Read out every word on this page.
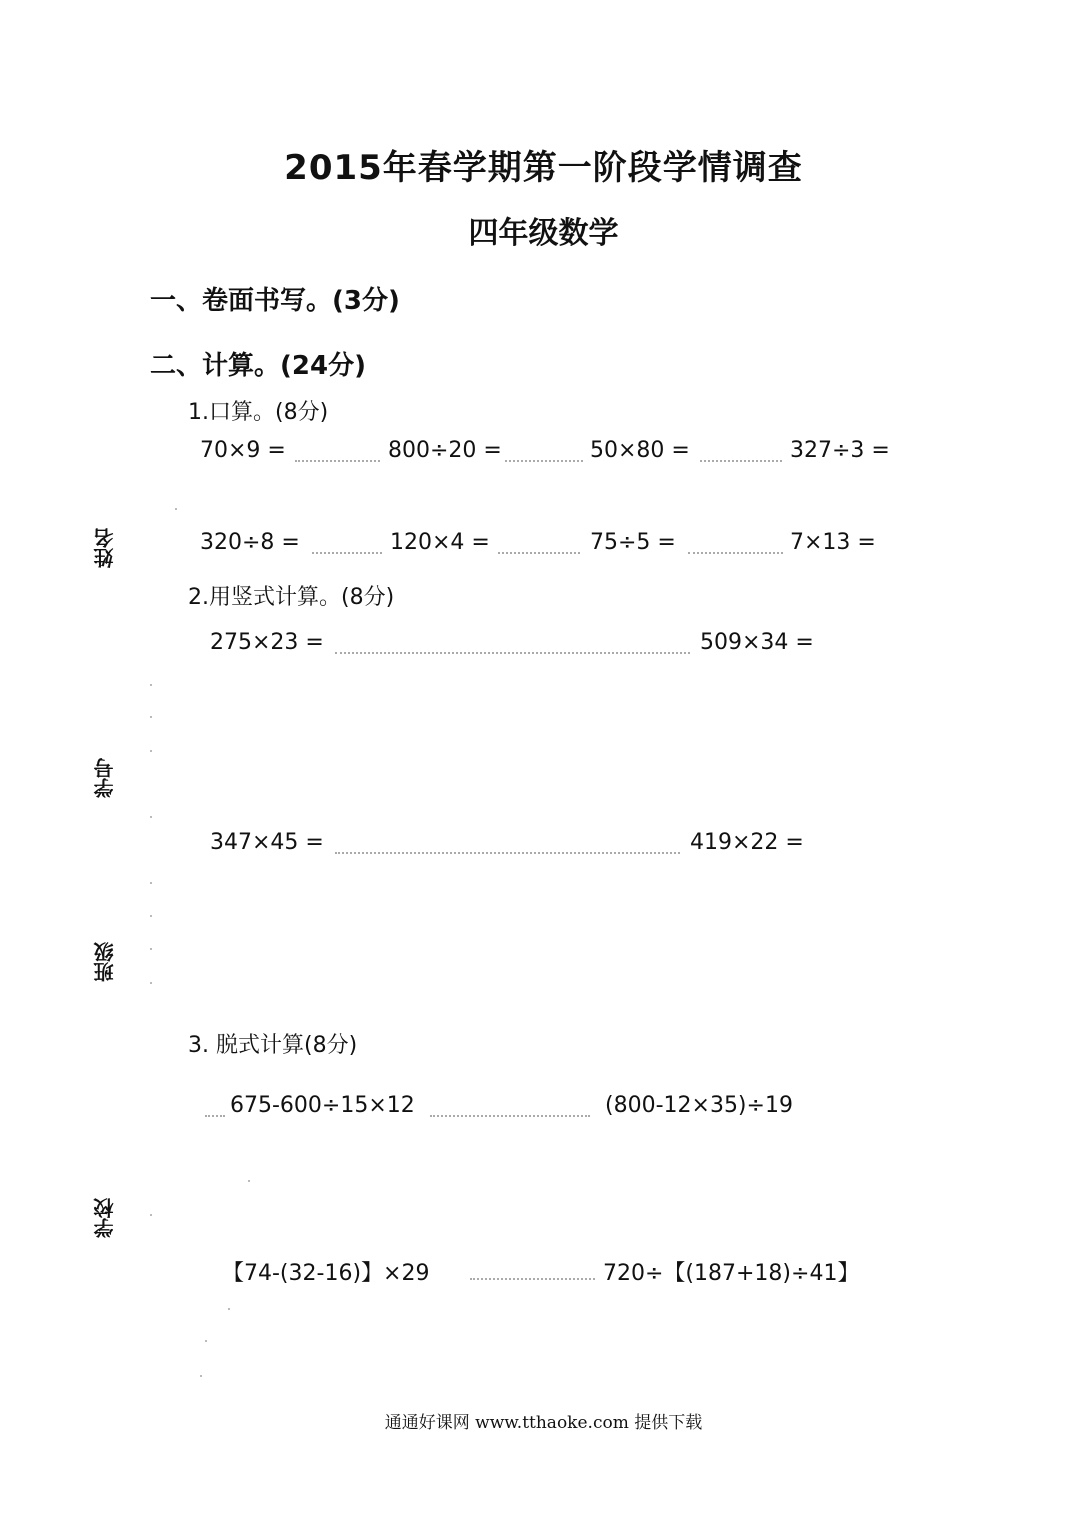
2015年春学期第一阶段学情调查
四年级数学
一、卷面书写。(3分)
二、计算。(24分)
1.口算。(8分)
70×9 =	800÷20 =	50×80 =	327÷3 =
320÷8 =	120×4 =	75÷5 =	7×13 =
2.用竖式计算。(8分)
275×23 =	509×34 =
347×45 =	419×22 =
3. 脱式计算(8分)
675-600÷15×12	(800-12×35)÷19
【74-(32-16)】×29	720÷【(187+18)÷41】
姓名
学号
班级
学校
通通好课网 www.tthaoke.com 提供下载
